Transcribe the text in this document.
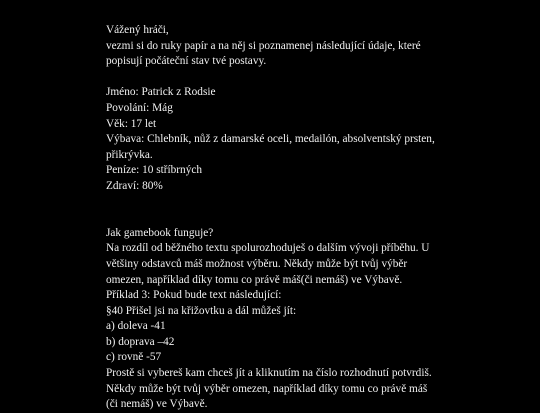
Vážený hráči,
vezmi si do ruky papír a na něj si poznamenej následující údaje, které
popisují počáteční stav tvé postavy.
Jméno: Patrick z Rodsie
Povolání: Mág
Věk: 17 let
Výbava: Chlebník, nůž z damarské oceli, medailón, absolventský prsten,
přikrývka.
Peníze: 10 stříbrných
Zdraví: 80%
Jak gamebook funguje?
Na rozdíl od běžného textu spolurozhoduješ o dalším vývoji příběhu. U
většiny odstavců máš možnost výběru. Někdy může být tvůj výběr
omezen, například díky tomu co právě máš(či nemáš) ve Výbavě.
Příklad 3: Pokud bude text následující:
§40 Přišel jsi na křižovtku a dál můžeš jít:
a) doleva -41
b) doprava –42
c) rovně -57
Prostě si vybereš kam chceš jít a kliknutím na číslo rozhodnutí potvrdiš.
Někdy může být tvůj výběr omezen, například díky tomu co právě máš
(či nemáš) ve Výbavě.
